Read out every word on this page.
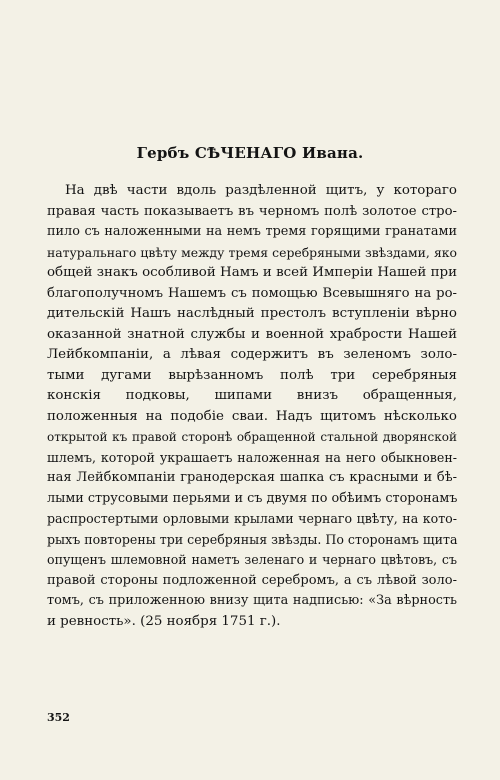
Гербъ СѢЧЕНАГО Ивана.
На двѣ части вдоль раздѣленной щитъ, у котораго
правая часть показываетъ въ черномъ полѣ золотое стро-
пило съ наложенными на немъ тремя горящими гранатами
натуральнаго цвѣту между тремя серебряными звѣздами, яко
общей знакъ особливой Намъ и всей Имперіи Нашей при
благополучномъ Нашемъ съ помощью Всевышняго на ро-
дительскій Нашъ наслѣдный престолъ вступленіи вѣрно
оказанной знатной службы и военной храбрости Нашей
Лейбкомпаніи, а лѣвая содержитъ въ зеленомъ золо-
тыми дугами вырѣзанномъ полѣ три серебряныя
конскія подковы, шипами внизъ обращенныя,
положенныя на подобіе сваи. Надъ щитомъ нѣсколько
открытой къ правой сторонѣ обращенной стальной дворянской
шлемъ, которой украшаетъ наложенная на него обыкновен-
ная Лейбкомпаніи гранодерская шапка съ красными и бѣ-
лыми струсовыми перьями и съ двумя по обѣимъ сторонамъ
распростертыми орловыми крылами чернаго цвѣту, на кото-
рыхъ повторены три серебряныя звѣзды. По сторонамъ щита
опущенъ шлемовной наметъ зеленаго и чернаго цвѣтовъ, съ
правой стороны подложенной серебромъ, а съ лѣвой золо-
томъ, съ приложенною внизу щита надписью: «За вѣрность
и ревность». (25 ноября 1751 г.).
352
